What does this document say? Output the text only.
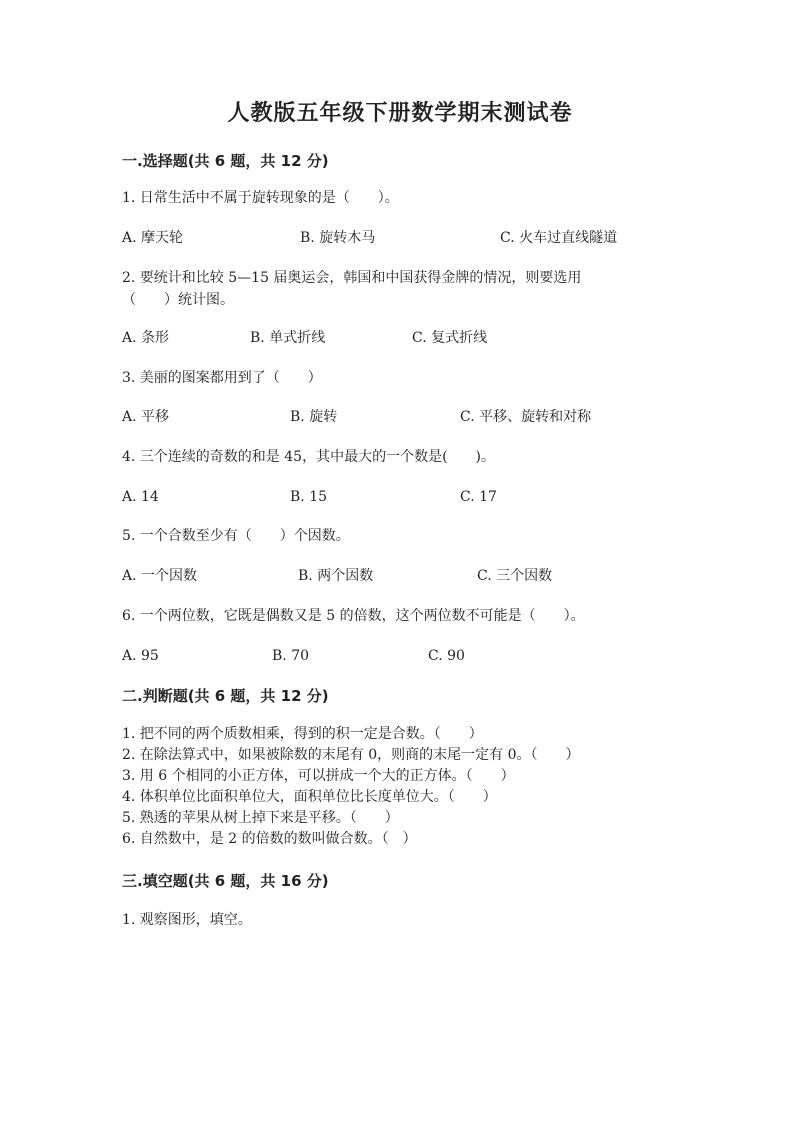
人教版五年级下册数学期末测试卷
一.选择题(共 6 题，共 12 分)
1. 日常生活中不属于旋转现象的是（　　）。
A. 摩天轮	B. 旋转木马	C. 火车过直线隧道
2. 要统计和比较 5—15 届奥运会，韩国和中国获得金牌的情况，则要选用
（　　）统计图。
A. 条形	B. 单式折线	C. 复式折线
3. 美丽的图案都用到了（　　）
A. 平移	B. 旋转	C. 平移、旋转和对称
4. 三个连续的奇数的和是 45，其中最大的一个数是(　　)。
A. 14	B. 15	C. 17
5. 一个合数至少有（　　）个因数。
A. 一个因数	B. 两个因数	C. 三个因数
6. 一个两位数，它既是偶数又是 5 的倍数，这个两位数不可能是（　　）。
A. 95	B. 70	C. 90
二.判断题(共 6 题，共 12 分)
1. 把不同的两个质数相乘，得到的积一定是合数。（　　）
2. 在除法算式中，如果被除数的末尾有 0，则商的末尾一定有 0。（　　）
3. 用 6 个相同的小正方体，可以拼成一个大的正方体。（　　）
4. 体积单位比面积单位大，面积单位比长度单位大。（　　）
5. 熟透的苹果从树上掉下来是平移。（　　）
6. 自然数中，是 2 的倍数的数叫做合数。（　）
三.填空题(共 6 题，共 16 分)
1. 观察图形，填空。
